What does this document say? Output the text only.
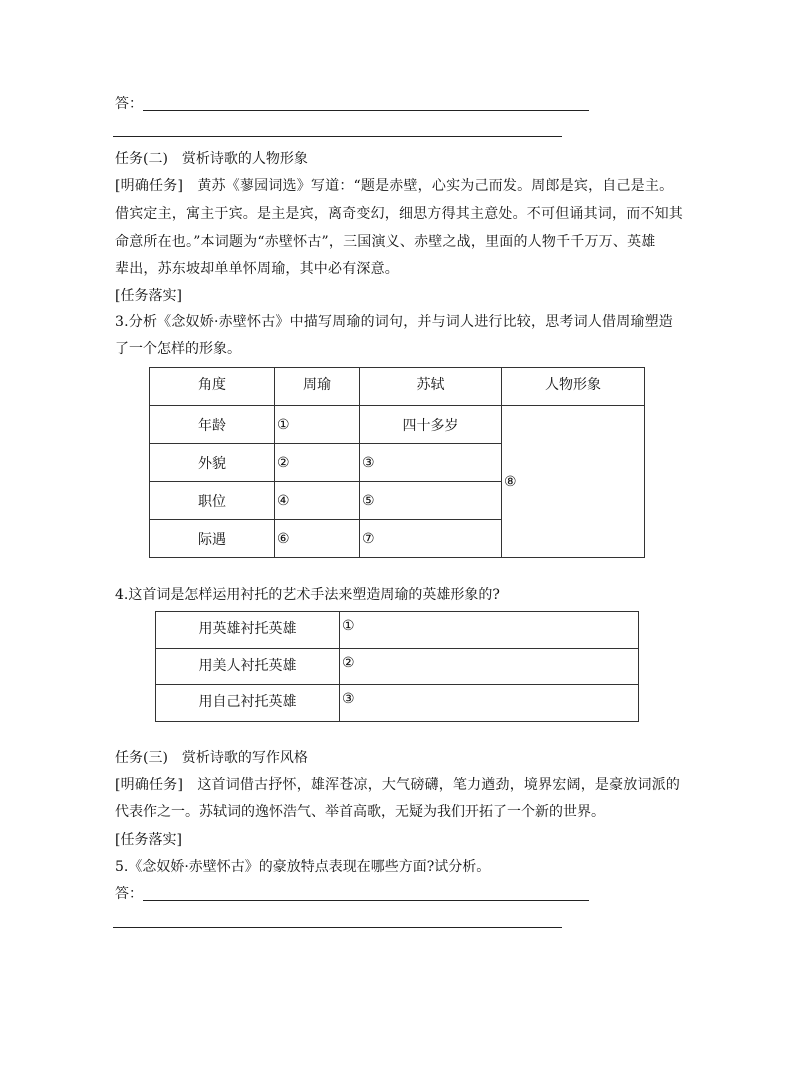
答：
任务(二)　赏析诗歌的人物形象
[明确任务]　黄苏《蓼园词选》写道：“题是赤壁，心实为己而发。周郎是宾，自己是主。
借宾定主，寓主于宾。是主是宾，离奇变幻，细思方得其主意处。不可但诵其词，而不知其
命意所在也。”本词题为“赤壁怀古”，三国演义、赤壁之战，里面的人物千千万万、英雄
辈出，苏东坡却单单怀周瑜，其中必有深意。
[任务落实]
3.分析《念奴娇·赤壁怀古》中描写周瑜的词句，并与词人进行比较，思考词人借周瑜塑造
了一个怎样的形象。
角度	周瑜	苏轼	人物形象
年龄	①	四十多岁	⑧
外貌	②	③	
职位	④	⑤	
际遇	⑥	⑦	
4.这首词是怎样运用衬托的艺术手法来塑造周瑜的英雄形象的?
用英雄衬托英雄	①
用美人衬托英雄	②
用自己衬托英雄	③
任务(三)　赏析诗歌的写作风格
[明确任务]　这首词借古抒怀，雄浑苍凉，大气磅礴，笔力遒劲，境界宏阔，是豪放词派的
代表作之一。苏轼词的逸怀浩气、举首高歌，无疑为我们开拓了一个新的世界。
[任务落实]
5.《念奴娇·赤壁怀古》的豪放特点表现在哪些方面?试分析。
答：
